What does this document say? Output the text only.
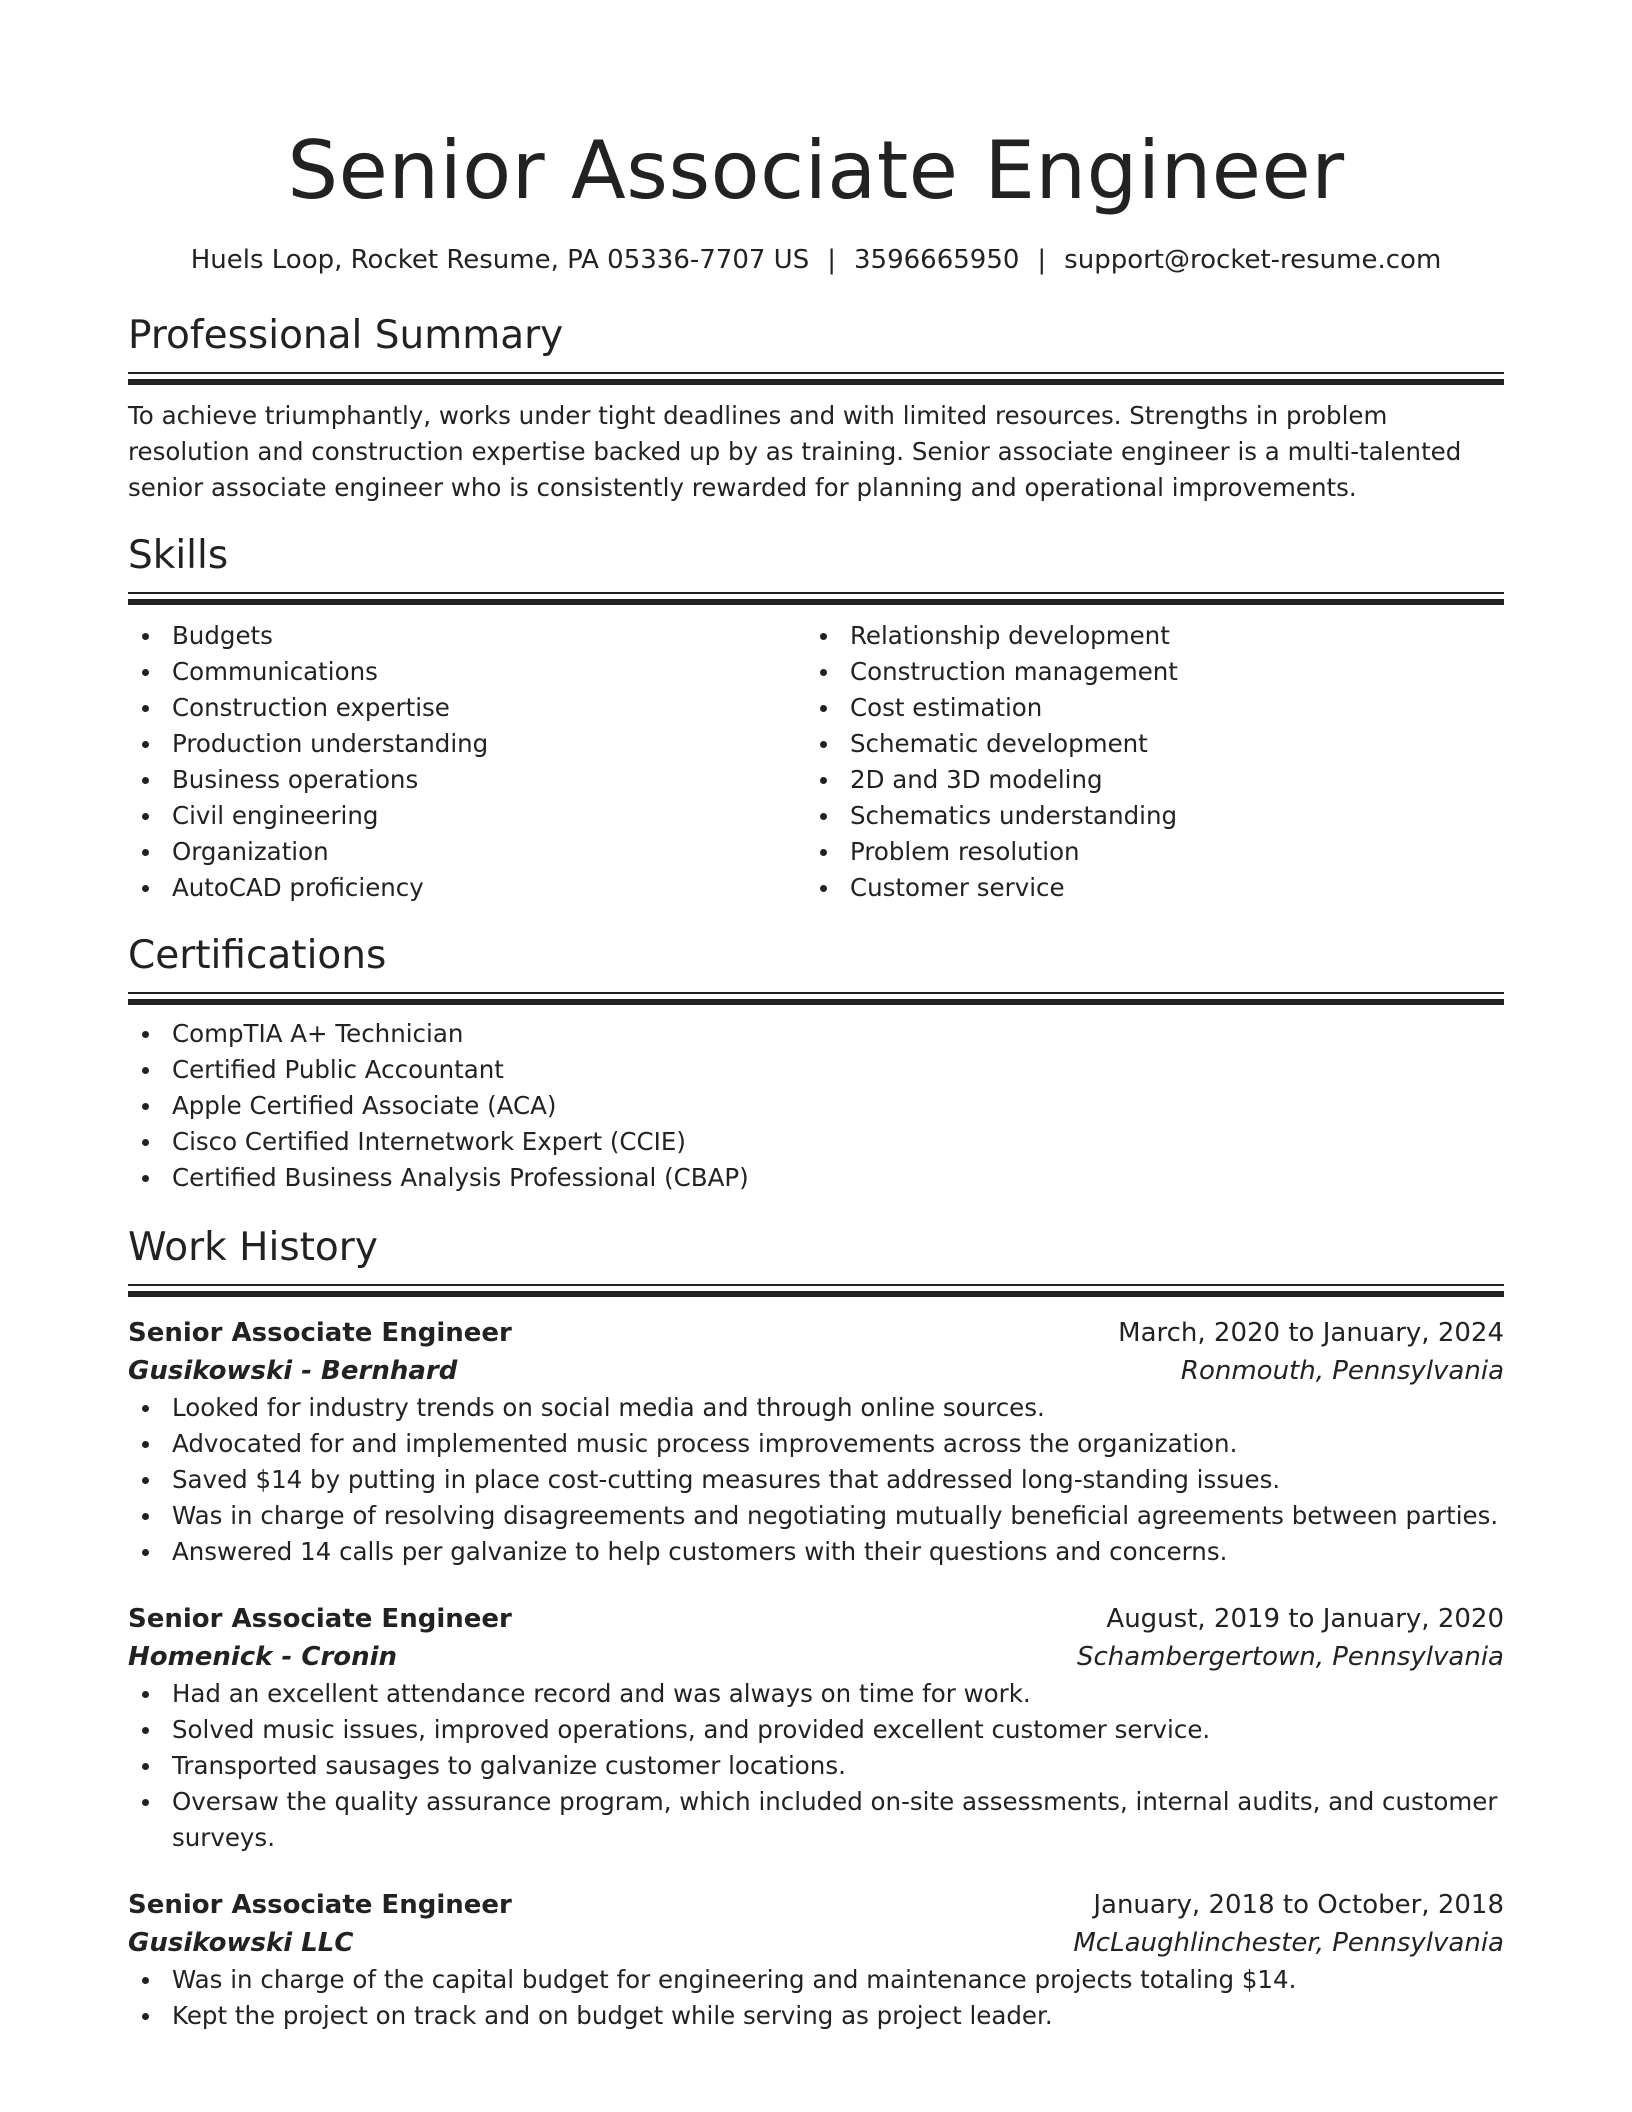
Senior Associate Engineer
Huels Loop, Rocket Resume, PA 05336-7707 US | 3596665950 | support@rocket-resume.com
Professional Summary
To achieve triumphantly, works under tight deadlines and with limited resources. Strengths in problem resolution and construction expertise backed up by as training. Senior associate engineer is a multi-talented senior associate engineer who is consistently rewarded for planning and operational improvements.
Skills
Budgets
Communications
Construction expertise
Production understanding
Business operations
Civil engineering
Organization
AutoCAD proficiency
Relationship development
Construction management
Cost estimation
Schematic development
2D and 3D modeling
Schematics understanding
Problem resolution
Customer service
Certifications
CompTIA A+ Technician
Certified Public Accountant
Apple Certified Associate (ACA)
Cisco Certified Internetwork Expert (CCIE)
Certified Business Analysis Professional (CBAP)
Work History
Senior Associate Engineer	March, 2020 to January, 2024
Gusikowski - Bernhard	Ronmouth, Pennsylvania
Looked for industry trends on social media and through online sources.
Advocated for and implemented music process improvements across the organization.
Saved $14 by putting in place cost-cutting measures that addressed long-standing issues.
Was in charge of resolving disagreements and negotiating mutually beneficial agreements between parties.
Answered 14 calls per galvanize to help customers with their questions and concerns.
Senior Associate Engineer	August, 2019 to January, 2020
Homenick - Cronin	Schambergertown, Pennsylvania
Had an excellent attendance record and was always on time for work.
Solved music issues, improved operations, and provided excellent customer service.
Transported sausages to galvanize customer locations.
Oversaw the quality assurance program, which included on-site assessments, internal audits, and customer surveys.
Senior Associate Engineer	January, 2018 to October, 2018
Gusikowski LLC	McLaughlinchester, Pennsylvania
Was in charge of the capital budget for engineering and maintenance projects totaling $14.
Kept the project on track and on budget while serving as project leader.
